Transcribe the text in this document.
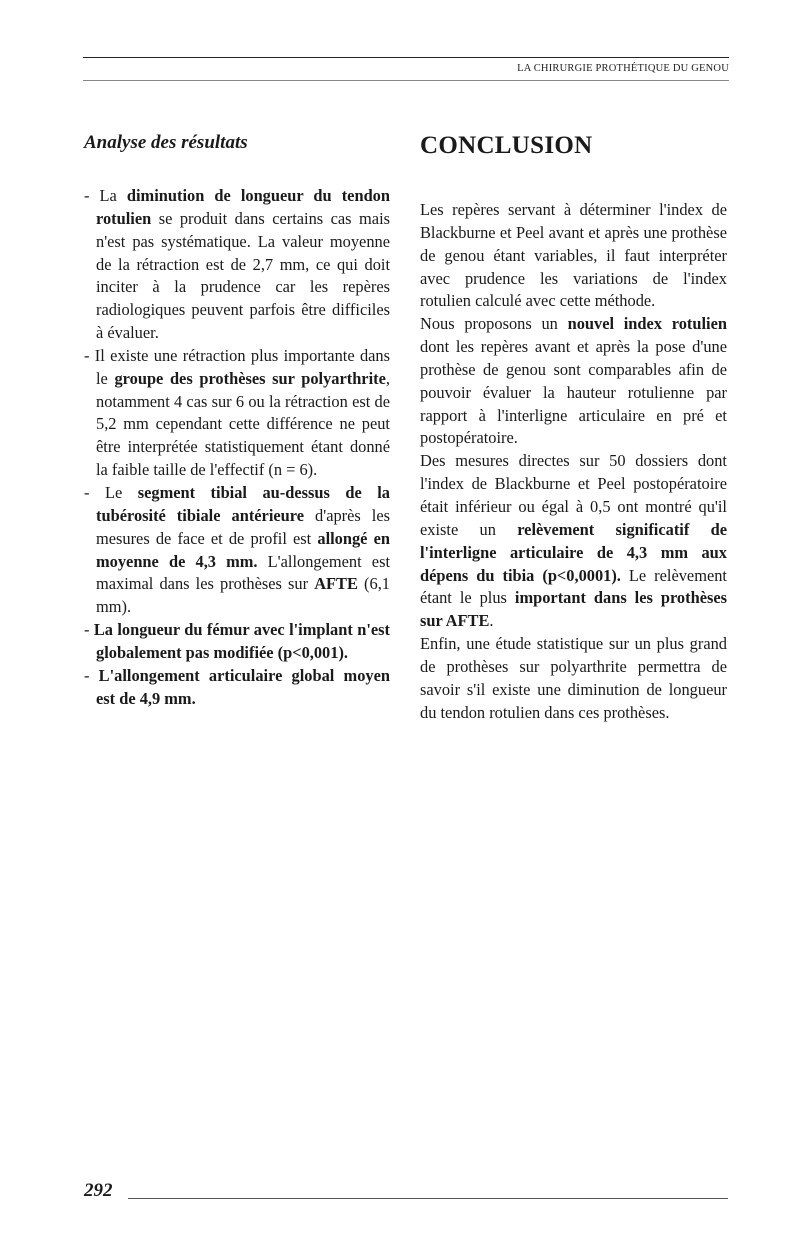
LA CHIRURGIE PROTHÉTIQUE DU GENOU
Analyse des résultats
- La diminution de longueur du tendon rotulien se produit dans certains cas mais n'est pas systématique. La valeur moyenne de la rétraction est de 2,7 mm, ce qui doit inciter à la prudence car les repères radiologiques peuvent parfois être difficiles à évaluer.
- Il existe une rétraction plus importante dans le groupe des prothèses sur polyarthrite, notamment 4 cas sur 6 ou la rétraction est de 5,2 mm cependant cette différence ne peut être interprétée statistiquement étant donné la faible taille de l'effectif (n = 6).
- Le segment tibial au-dessus de la tubérosité tibiale antérieure d'après les mesures de face et de profil est allongé en moyenne de 4,3 mm. L'allongement est maximal dans les prothèses sur AFTE (6,1 mm).
- La longueur du fémur avec l'implant n'est globalement pas modifiée (p<0,001).
- L'allongement articulaire global moyen est de 4,9 mm.
CONCLUSION

Les repères servant à déterminer l'index de Blackburne et Peel avant et après une prothèse de genou étant variables, il faut interpréter avec prudence les variations de l'index rotulien calculé avec cette méthode.

Nous proposons un nouvel index rotulien dont les repères avant et après la pose d'une prothèse de genou sont comparables afin de pouvoir évaluer la hauteur rotulienne par rapport à l'interligne articulaire en pré et postopératoire.

Des mesures directes sur 50 dossiers dont l'index de Blackburne et Peel postopératoire était inférieur ou égal à 0,5 ont montré qu'il existe un relèvement significatif de l'interligne articulaire de 4,3 mm aux dépens du tibia (p<0,0001). Le relèvement étant le plus important dans les prothèses sur AFTE.

Enfin, une étude statistique sur un plus grand de prothèses sur polyarthrite permettra de savoir s'il existe une diminution de longueur du tendon rotulien dans ces prothèses.

292
